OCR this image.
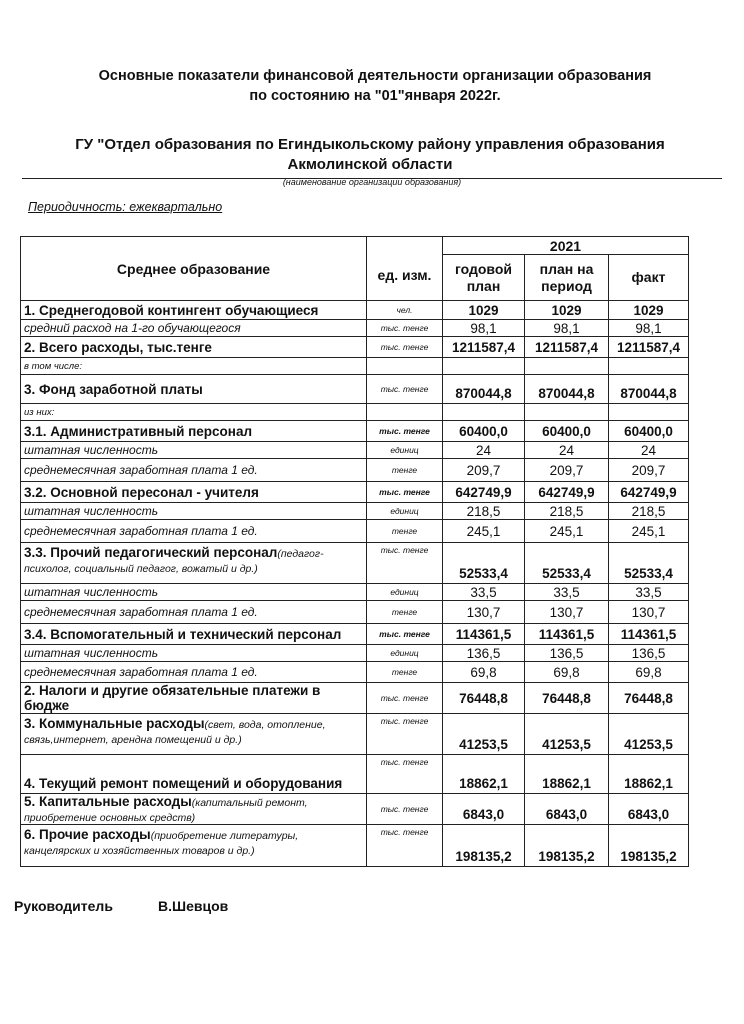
Основные показатели финансовой деятельности организации образования
по состоянию на "01"января 2022г.
ГУ "Отдел образования по Егиндыкольскому району управления образования Акмолинской области
(наименование организации образования)
Периодичность: ежеквартально
Среднее образование	ед. изм.	2021		
		годовой план	план на период	факт
1. Среднегодовой контингент обучающиеся	чел.	1029	1029	1029
средний расход на 1-го обучающегося	тыс. тенге	98,1	98,1	98,1
2. Всего расходы, тыс.тенге	тыс. тенге	1211587,4	1211587,4	1211587,4
в том числе:				
3. Фонд заработной платы	тыс. тенге	870044,8	870044,8	870044,8
из них:				
3.1. Административный персонал	тыс. тенге	60400,0	60400,0	60400,0
штатная численность	единиц	24	24	24
среднемесячная заработная плата 1 ед.	тенге	209,7	209,7	209,7
3.2. Основной пересонал - учителя	тыс. тенге	642749,9	642749,9	642749,9
штатная численность	единиц	218,5	218,5	218,5
среднемесячная заработная плата 1 ед.	тенге	245,1	245,1	245,1
3.3. Прочий педагогический персонал(педагог-психолог, социальный педагог, вожатый и др.)	тыс. тенге	52533,4	52533,4	52533,4
штатная численность	единиц	33,5	33,5	33,5
среднемесячная заработная плата 1 ед.	тенге	130,7	130,7	130,7
3.4. Вспомогательный и технический персонал	тыс. тенге	114361,5	114361,5	114361,5
штатная численность	единиц	136,5	136,5	136,5
среднемесячная заработная плата 1 ед.	тенге	69,8	69,8	69,8
2. Налоги и другие обязательные платежи в бюдже	тыс. тенге	76448,8	76448,8	76448,8
3. Коммунальные расходы(свет, вода, отопление, связь,интернет, арендна помещений и др.)	тыс. тенге	41253,5	41253,5	41253,5
4. Текущий ремонт помещений и оборудования	тыс. тенге	18862,1	18862,1	18862,1
5. Капитальные расходы(капитальный ремонт, приобретение основных средств)	тыс. тенге	6843,0	6843,0	6843,0
6. Прочие расходы(приобретение литературы, канцелярских и хозяйственных товаров и др.)	тыс. тенге	198135,2	198135,2	198135,2
Руководитель	В.Шевцов
